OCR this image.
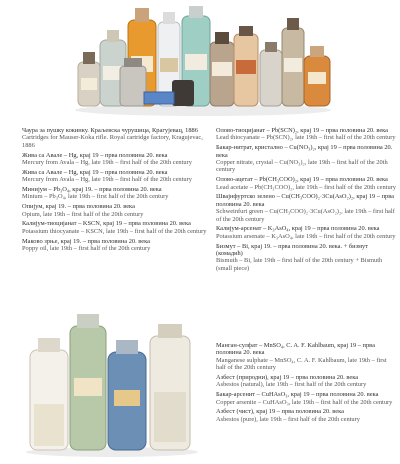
Чаура за пушку кокинку. Краљевска чурушица, Крагујевац, 1886
Cartridges for Mauser-Koka rifle. Royal cartridge factory, Kragujevac, 1886
Жива са Авале – Hg, крај 19 – прва половина 20. века
Mercury from Avala – Hg, late 19th – first half of the 20th century
Жива са Авале – Hg, крај 19 – прва половина 20. века
Mercury from Avala – Hg, late 19th – first half of the 20th century
Минијум – Pb₃O₄, крај 19. – прва половина 20. века
Minium – Pb₃O₄, late 19th – first half of the 20th century
Опијум, крај 19. – прва половина 20. века
Opium, late 19th – first half of the 20th century
Калијум-тиоцијанат – KSCN, крај 19 – прва половина 20. века
Potassium thiocyanate – KSCN, late 19th – first half of the 20th century
Маково зрње, крај 19. – прва половина 20. века
Poppy oil, late 19th – first half of the 20th century
Олово-тиоцијанат – Pb(SCN)₂, крај 19 – прва половина 20. века
Lead thiocyanate – Pb(SCN)₂, late 19th – first half of the 20th century
Бакар-нитрат, кристално – Cu(NO₃)₂, крај 19 – прва половина 20. века
Copper nitrate, crystal – Cu(NO₃)₂, late 19th – first half of the 20th century
Олово-ацетат – Pb(CH₃COO)₂, крај 19 – прва половина 20. века
Lead acetate – Pb(CH₃COO)₂, late 19th – first half of the 20th century
Швајнфуртско зелено – Cu(CH₃COO)₂·3Cu(AsO₂)₂, крај 19 – прва половина 20. века
Schweinfurt green – Cu(CH₃COO)₂·3Cu(AsO₂)₂, late 19th – first half of the 20th century
Калијум-арсенат – K₃AsO₄, крај 19 – прва половина 20. века
Potassium arsenate – K₃AsO₄, late 19th – first half of the 20th century
Бизмут – Bi, крај 19. – прва половина 20. века. + бизмут (комадић)
Bismuth – Bi, late 19th – first half of the 20th century + Bismuth (small piece)
Манган-сулфат – MnSO₄, C. A. F. Kahlbaum, крај 19 – прва половина 20. века
Manganese sulphate – MnSO₄, C. A. F. Kahlbaum, late 19th – first half of the 20th century
Азбест (природни), крај 19 – прва половина 20. века
Asbestos (natural), late 19th – first half of the 20th century
Бакар-арсенит – CuHAsO₃, крај 19 – прва половина 20. века
Copper arsenite – CuHAsO₃, late 19th – first half of the 20th century
Азбест (чист), крај 19 – прва половина 20. века
Asbestos (pure), late 19th – first half of the 20th century
